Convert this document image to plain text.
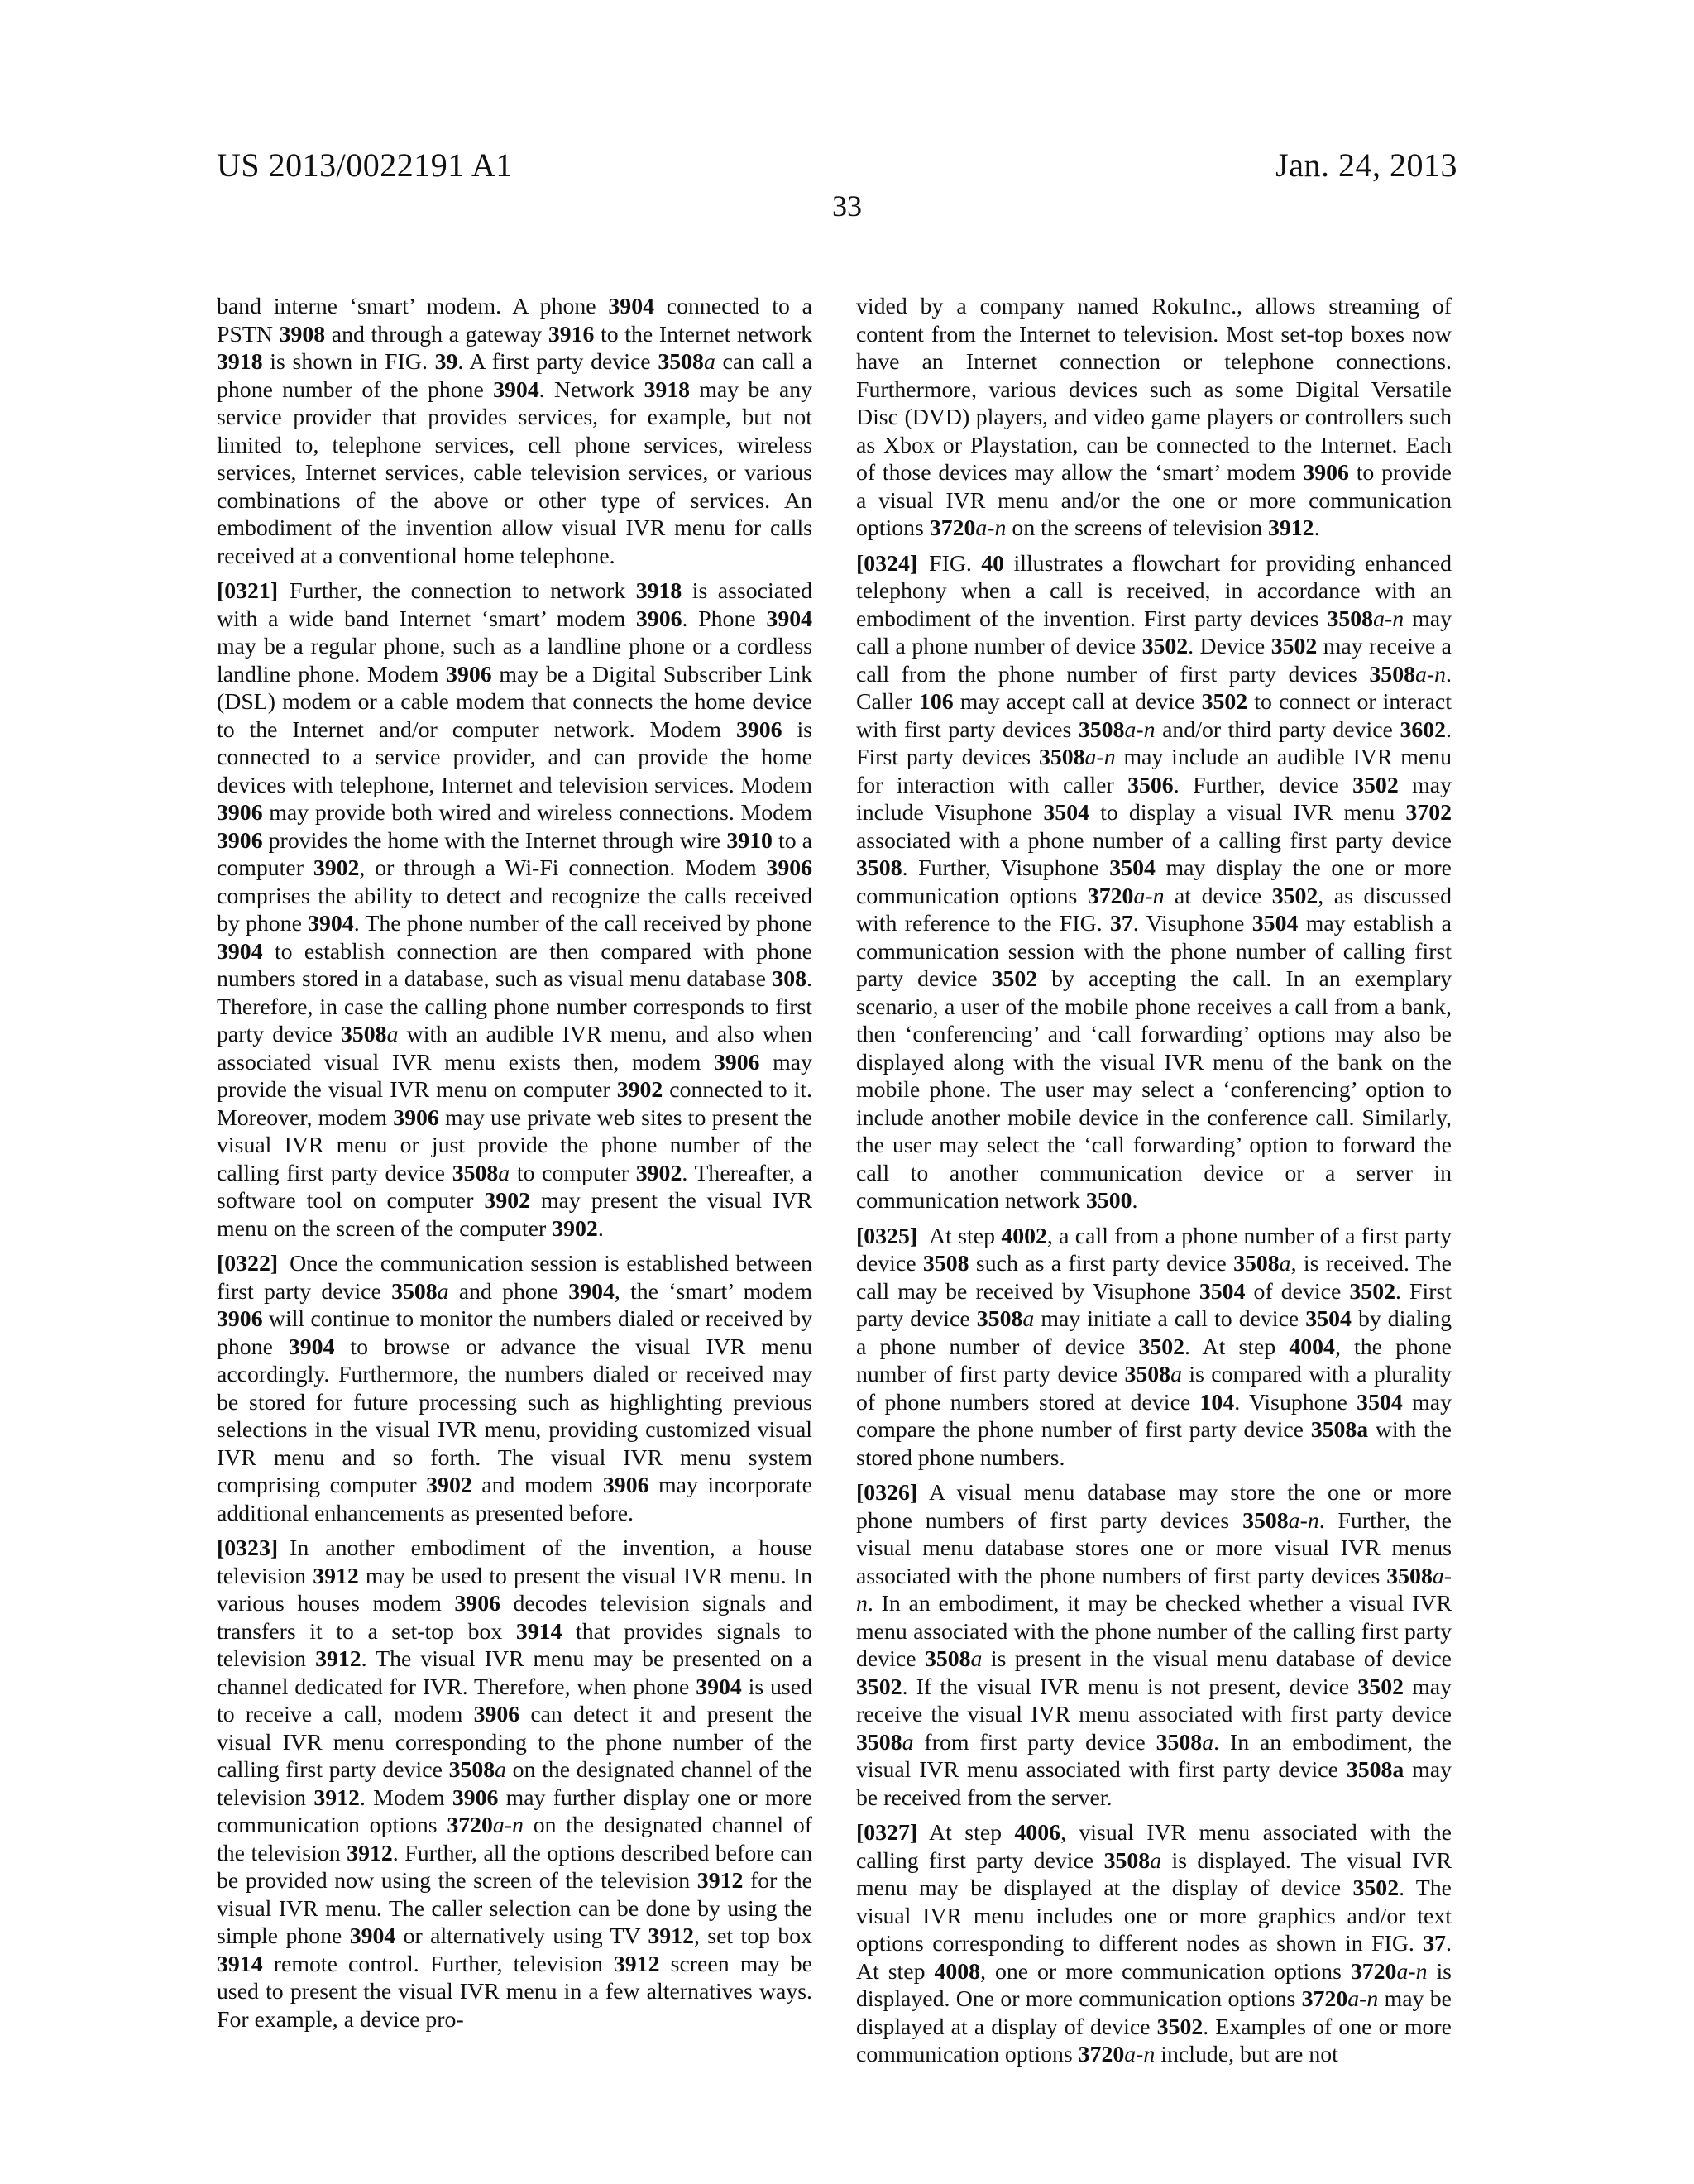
US 2013/0022191 A1	Jan. 24, 2013
33

band interne ‘smart’ modem. A phone 3904 connected to a PSTN 3908 and through a gateway 3916 to the Internet network 3918 is shown in FIG. 39. A first party device 3508a can call a phone number of the phone 3904. Network 3918 may be any service provider that provides services, for example, but not limited to, telephone services, cell phone services, wireless services, Internet services, cable television services, or various combinations of the above or other type of services. An embodiment of the invention allow visual IVR menu for calls received at a conventional home telephone.

[0321] Further, the connection to network 3918 is associated with a wide band Internet ‘smart’ modem 3906. Phone 3904 may be a regular phone, such as a landline phone or a cordless landline phone. Modem 3906 may be a Digital Subscriber Link (DSL) modem or a cable modem that connects the home device to the Internet and/or computer network. Modem 3906 is connected to a service provider, and can provide the home devices with telephone, Internet and television services. Modem 3906 may provide both wired and wireless connections. Modem 3906 provides the home with the Internet through wire 3910 to a computer 3902, or through a Wi-Fi connection. Modem 3906 comprises the ability to detect and recognize the calls received by phone 3904. The phone number of the call received by phone 3904 to establish connection are then compared with phone numbers stored in a database, such as visual menu database 308. Therefore, in case the calling phone number corresponds to first party device 3508a with an audible IVR menu, and also when associated visual IVR menu exists then, modem 3906 may provide the visual IVR menu on computer 3902 connected to it. Moreover, modem 3906 may use private web sites to present the visual IVR menu or just provide the phone number of the calling first party device 3508a to computer 3902. Thereafter, a software tool on computer 3902 may present the visual IVR menu on the screen of the computer 3902.

[0322] Once the communication session is established between first party device 3508a and phone 3904, the ‘smart’ modem 3906 will continue to monitor the numbers dialed or received by phone 3904 to browse or advance the visual IVR menu accordingly. Furthermore, the numbers dialed or received may be stored for future processing such as highlighting previous selections in the visual IVR menu, providing customized visual IVR menu and so forth. The visual IVR menu system comprising computer 3902 and modem 3906 may incorporate additional enhancements as presented before.

[0323] In another embodiment of the invention, a house television 3912 may be used to present the visual IVR menu. In various houses modem 3906 decodes television signals and transfers it to a set-top box 3914 that provides signals to television 3912. The visual IVR menu may be presented on a channel dedicated for IVR. Therefore, when phone 3904 is used to receive a call, modem 3906 can detect it and present the visual IVR menu corresponding to the phone number of the calling first party device 3508a on the designated channel of the television 3912. Modem 3906 may further display one or more communication options 3720a-n on the designated channel of the television 3912. Further, all the options described before can be provided now using the screen of the television 3912 for the visual IVR menu. The caller selection can be done by using the simple phone 3904 or alternatively using TV 3912, set top box 3914 remote control. Further, television 3912 screen may be used to present the visual IVR menu in a few alternatives ways. For example, a device pro-

vided by a company named RokuInc., allows streaming of content from the Internet to television. Most set-top boxes now have an Internet connection or telephone connections. Furthermore, various devices such as some Digital Versatile Disc (DVD) players, and video game players or controllers such as Xbox or Playstation, can be connected to the Internet. Each of those devices may allow the ‘smart’ modem 3906 to provide a visual IVR menu and/or the one or more communication options 3720a-n on the screens of television 3912.

[0324] FIG. 40 illustrates a flowchart for providing enhanced telephony when a call is received, in accordance with an embodiment of the invention. First party devices 3508a-n may call a phone number of device 3502. Device 3502 may receive a call from the phone number of first party devices 3508a-n. Caller 106 may accept call at device 3502 to connect or interact with first party devices 3508a-n and/or third party device 3602. First party devices 3508a-n may include an audible IVR menu for interaction with caller 3506. Further, device 3502 may include Visuphone 3504 to display a visual IVR menu 3702 associated with a phone number of a calling first party device 3508. Further, Visuphone 3504 may display the one or more communication options 3720a-n at device 3502, as discussed with reference to the FIG. 37. Visuphone 3504 may establish a communication session with the phone number of calling first party device 3502 by accepting the call. In an exemplary scenario, a user of the mobile phone receives a call from a bank, then ‘conferencing’ and ‘call forwarding’ options may also be displayed along with the visual IVR menu of the bank on the mobile phone. The user may select a ‘conferencing’ option to include another mobile device in the conference call. Similarly, the user may select the ‘call forwarding’ option to forward the call to another communication device or a server in communication network 3500.

[0325] At step 4002, a call from a phone number of a first party device 3508 such as a first party device 3508a, is received. The call may be received by Visuphone 3504 of device 3502. First party device 3508a may initiate a call to device 3504 by dialing a phone number of device 3502. At step 4004, the phone number of first party device 3508a is compared with a plurality of phone numbers stored at device 104. Visuphone 3504 may compare the phone number of first party device 3508a with the stored phone numbers.

[0326] A visual menu database may store the one or more phone numbers of first party devices 3508a-n. Further, the visual menu database stores one or more visual IVR menus associated with the phone numbers of first party devices 3508a-n. In an embodiment, it may be checked whether a visual IVR menu associated with the phone number of the calling first party device 3508a is present in the visual menu database of device 3502. If the visual IVR menu is not present, device 3502 may receive the visual IVR menu associated with first party device 3508a from first party device 3508a. In an embodiment, the visual IVR menu associated with first party device 3508a may be received from the server.

[0327] At step 4006, visual IVR menu associated with the calling first party device 3508a is displayed. The visual IVR menu may be displayed at the display of device 3502. The visual IVR menu includes one or more graphics and/or text options corresponding to different nodes as shown in FIG. 37. At step 4008, one or more communication options 3720a-n is displayed. One or more communication options 3720a-n may be displayed at a display of device 3502. Examples of one or more communication options 3720a-n include, but are not
